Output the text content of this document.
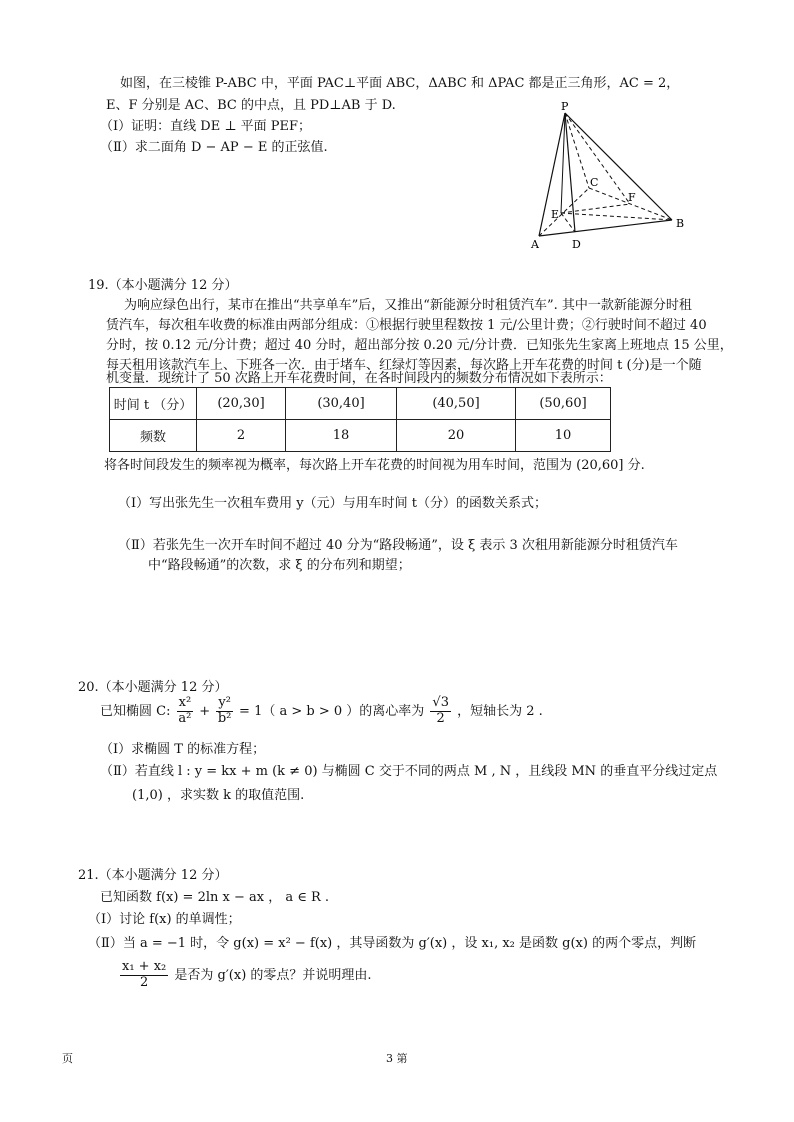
如图，在三棱锥 P-ABC 中，平面 PAC⊥平面 ABC，ΔABC 和 ΔPAC 都是正三角形，AC = 2，
E、F 分别是 AC、BC 的中点，且 PD⊥AB 于 D.
（Ⅰ）证明：直线 DE ⊥ 平面 PEF；
（Ⅱ）求二面角 D − AP − E 的正弦值.
P
C
F
E
B
A	D
19.（本小题满分 12 分）
为响应绿色出行，某市在推出“共享单车”后，又推出“新能源分时租赁汽车”. 其中一款新能源分时租
赁汽车，每次租车收费的标准由两部分组成：①根据行驶里程数按 1 元/公里计费；②行驶时间不超过 40
分时，按 0.12 元/分计费；超过 40 分时，超出部分按 0.20 元/分计费．已知张先生家离上班地点 15 公里，
每天租用该款汽车上、下班各一次．由于堵车、红绿灯等因素，每次路上开车花费的时间 t (分)是一个随
机变量．现统计了 50 次路上开车花费时间，在各时间段内的频数分布情况如下表所示：
时间 t （分）	(20,30]	(30,40]	(40,50]	(50,60]
频数	2	18	20	10
将各时间段发生的频率视为概率，每次路上开车花费的时间视为用车时间，范围为 (20,60] 分.
（Ⅰ）写出张先生一次租车费用 y（元）与用车时间 t（分）的函数关系式；
（Ⅱ）若张先生一次开车时间不超过 40 分为“路段畅通”，设 ξ 表示 3 次租用新能源分时租赁汽车
中“路段畅通”的次数，求 ξ 的分布列和期望；
20.（本小题满分 12 分）
已知椭圆 C: $\frac{\text{x²}}{\text{a²}} + \frac{\text{y²}}{\text{b²}} = 1$（ a > b > 0 ）的离心率为 $\frac{√3}{2}$ ，短轴长为 2 .
（Ⅰ）求椭圆 T 的标准方程；
（Ⅱ）若直线 l : y = kx + m (k ≠ 0) 与椭圆 C 交于不同的两点 M , N ，且线段 MN 的垂直平分线过定点
(1,0) ，求实数 k 的取值范围.
21.（本小题满分 12 分）
已知函数 f(x) = 2ln x − ax ， a ∈ R .
（Ⅰ）讨论 f(x) 的单调性；
（Ⅱ）当 a = −1 时，令 g(x) = x² − f(x) ，其导函数为 g′(x) ，设 x₁, x₂ 是函数 g(x) 的两个零点，判断
$\frac{\text{x₁ + x₂}}{2}$ 是否为 g′(x) 的零点？并说明理由.
页	3 第
